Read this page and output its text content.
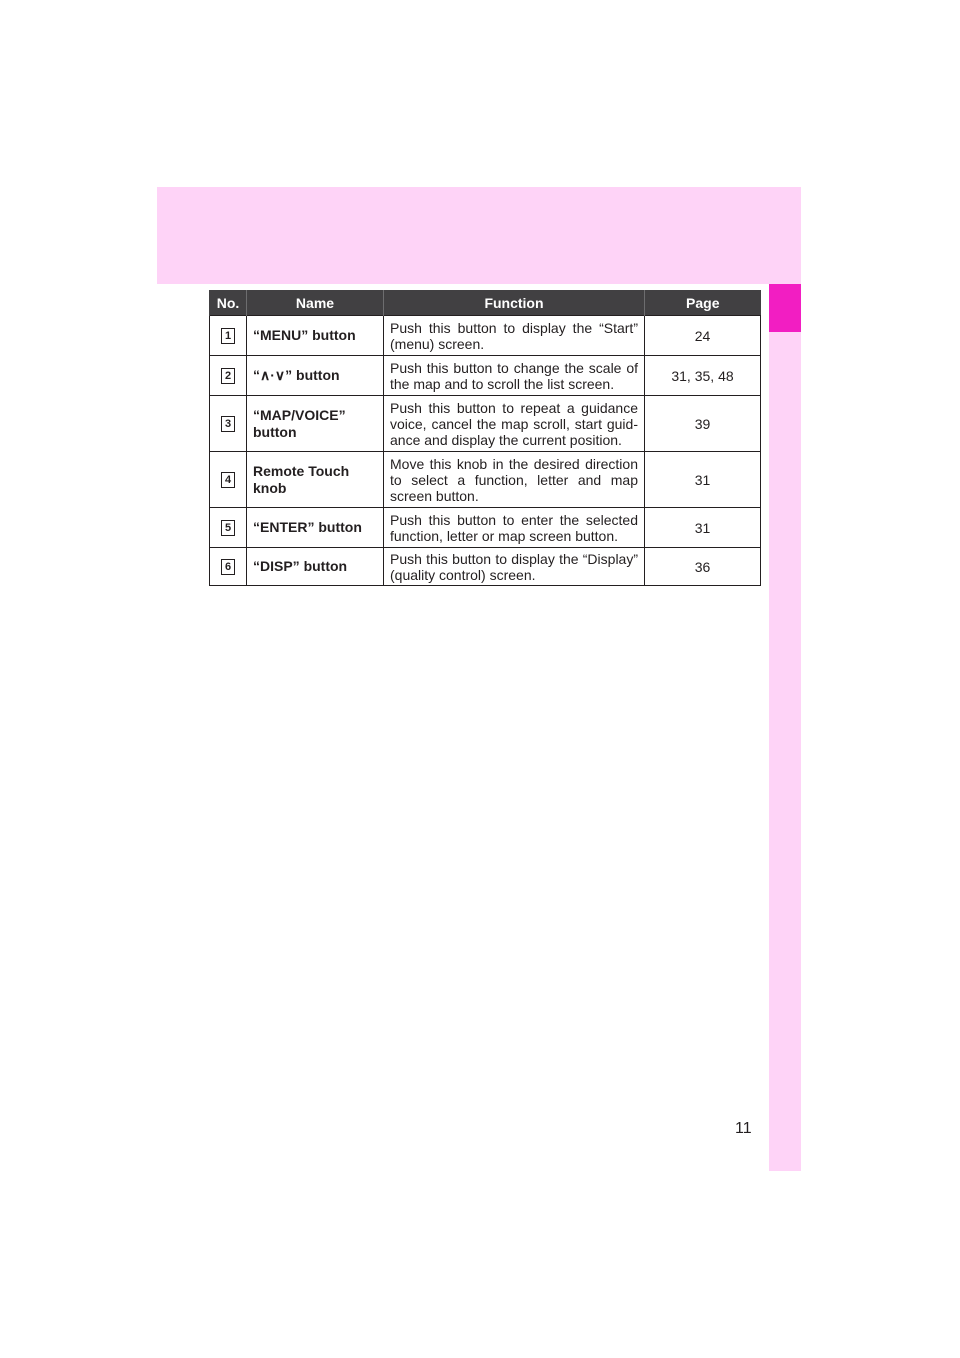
No.	Name	Function	Page
1	“MENU” button	Push this button to display the “Start” (menu) screen.	24
2	“∧·∨” button	Push this button to change the scale of the map and to scroll the list screen.	31, 35, 48
3	“MAP/VOICE” button	Push this button to repeat a guidance voice, cancel the map scroll, start guid-ance and display the current position.	39
4	Remote Touch knob	Move this knob in the desired direction to select a function, letter and map screen button.	31
5	“ENTER” button	Push this button to enter the selected function, letter or map screen button.	31
6	“DISP” button	Push this button to display the “Display” (quality control) screen.	36
11
